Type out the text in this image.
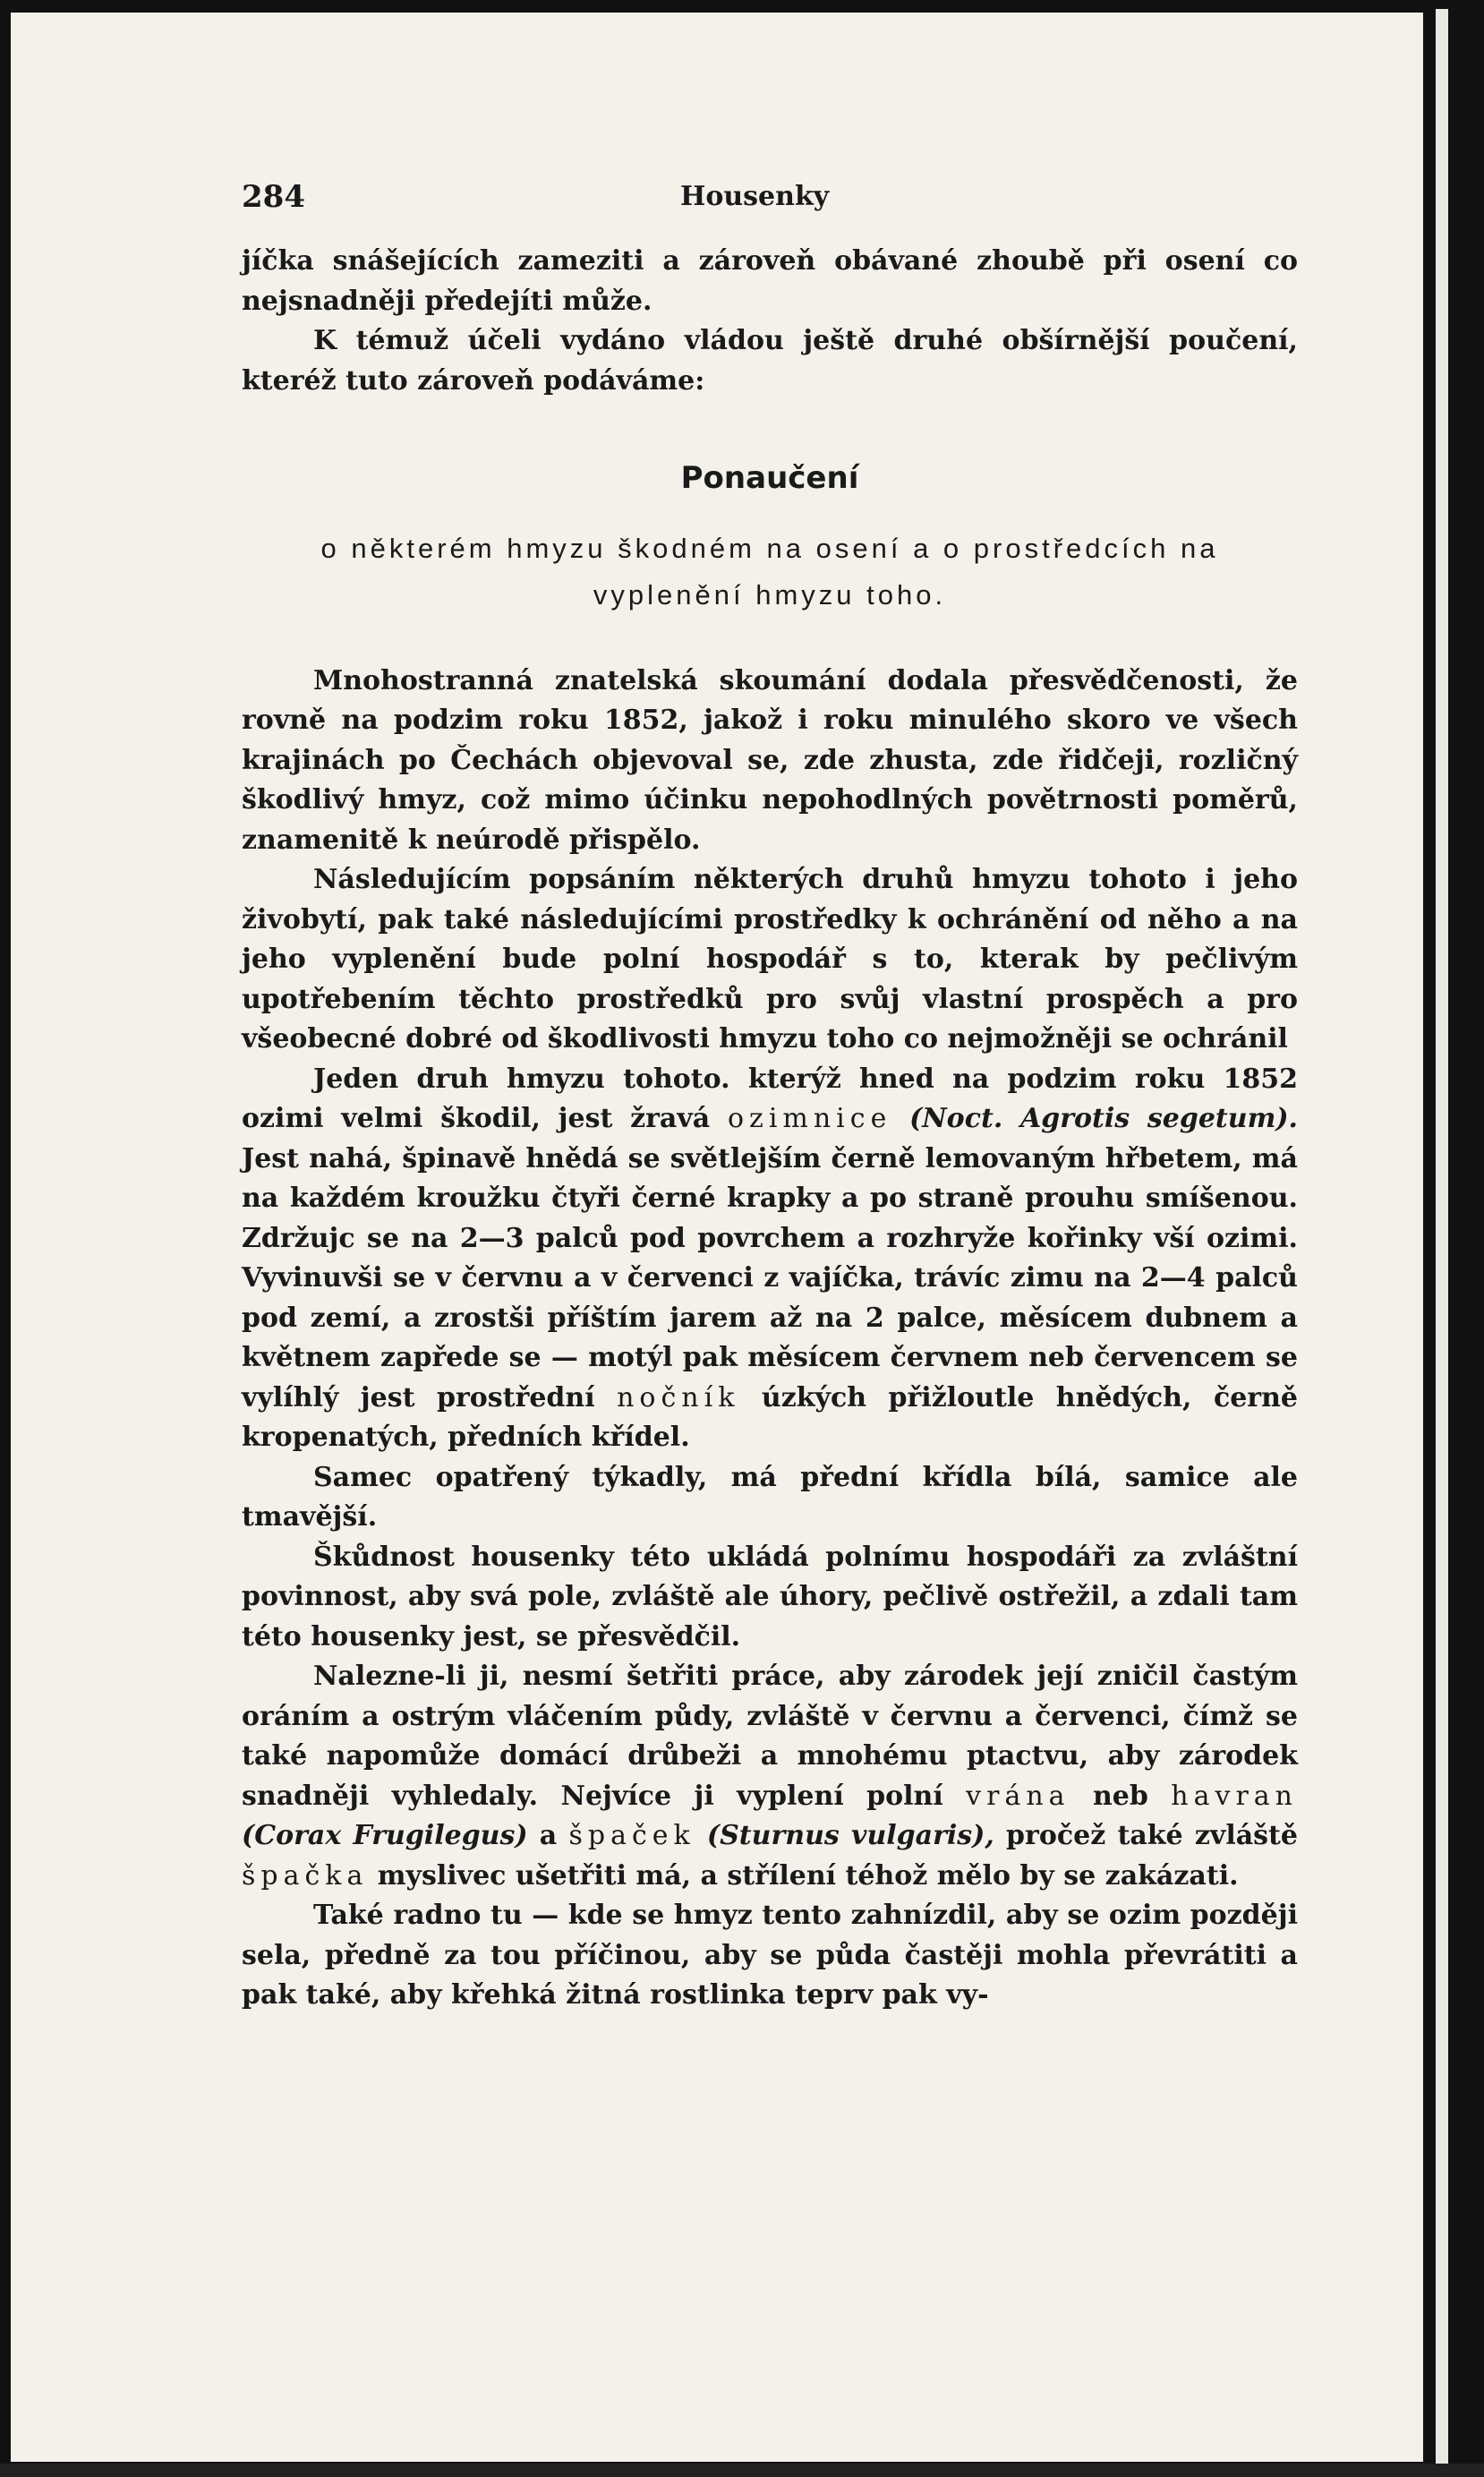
284	Housenky

jíčka snášejících zameziti a zároveň obávané zhoubě při osení co nejsnadněji předejíti může.

K témuž účeli vydáno vládou ještě druhé obšírnější poučení, kteréž tuto zároveň podáváme:

Ponaučení
o některém hmyzu škodném na osení a o prostředcích na vyplenění hmyzu toho.

Mnohostranná znatelská skoumání dodala přesvědčenosti, že rovně na podzim roku 1852, jakož i roku minulého skoro ve všech krajinách po Čechách objevoval se, zde zhusta, zde řidčeji, rozličný škodlivý hmyz, což mimo účinku nepohodlných povětrnosti poměrů, znamenitě k neúrodě přispělo.

Následujícím popsáním některých druhů hmyzu tohoto i jeho živobytí, pak také následujícími prostředky k ochránění od něho a na jeho vyplenění bude polní hospodář s to, kterak by pečlivým upotřebením těchto prostředků pro svůj vlastní prospěch a pro všeobecné dobré od škodlivosti hmyzu toho co nejmožněji se ochránil

Jeden druh hmyzu tohoto. kterýž hned na podzim roku 1852 ozimi velmi škodil, jest žravá ozimnice (Noct. Agrotis segetum). Jest nahá, špinavě hnědá se světlejším černě lemovaným hřbetem, má na každém kroužku čtyři černé krapky a po straně prouhu smíšenou. Zdržujc se na 2—3 palců pod povrchem a rozhryže kořinky vší ozimi. Vyvinuvši se v červnu a v červenci z vajíčka, trávíc zimu na 2—4 palců pod zemí, a zrostši příštím jarem až na 2 palce, měsícem dubnem a květnem zapřede se — motýl pak měsícem červnem neb červencem se vylíhlý jest prostřední nočník úzkých přižloutle hnědých, černě kropenatých, předních křídel.

Samec opatřený týkadly, má přední křídla bílá, samice ale tmavější.

Škůdnost housenky této ukládá polnímu hospodáři za zvláštní povinnost, aby svá pole, zvláště ale úhory, pečlivě ostřežil, a zdali tam této housenky jest, se přesvědčil.

Nalezne-li ji, nesmí šetřiti práce, aby zárodek její zničil častým oráním a ostrým vláčením půdy, zvláště v červnu a červenci, čímž se také napomůže domácí drůbeži a mnohému ptactvu, aby zárodek snadněji vyhledaly. Nejvíce ji vyplení polní vrána neb havran (Corax Frugilegus) a špaček (Sturnus vulgaris), pročež také zvláště špačka myslivec ušetřiti má, a střílení téhož mělo by se zakázati.

Také radno tu — kde se hmyz tento zahnízdil, aby se ozim později sela, předně za tou příčinou, aby se půda častěji mohla převrátiti a pak také, aby křehká žitná rostlinka teprv pak vy-
